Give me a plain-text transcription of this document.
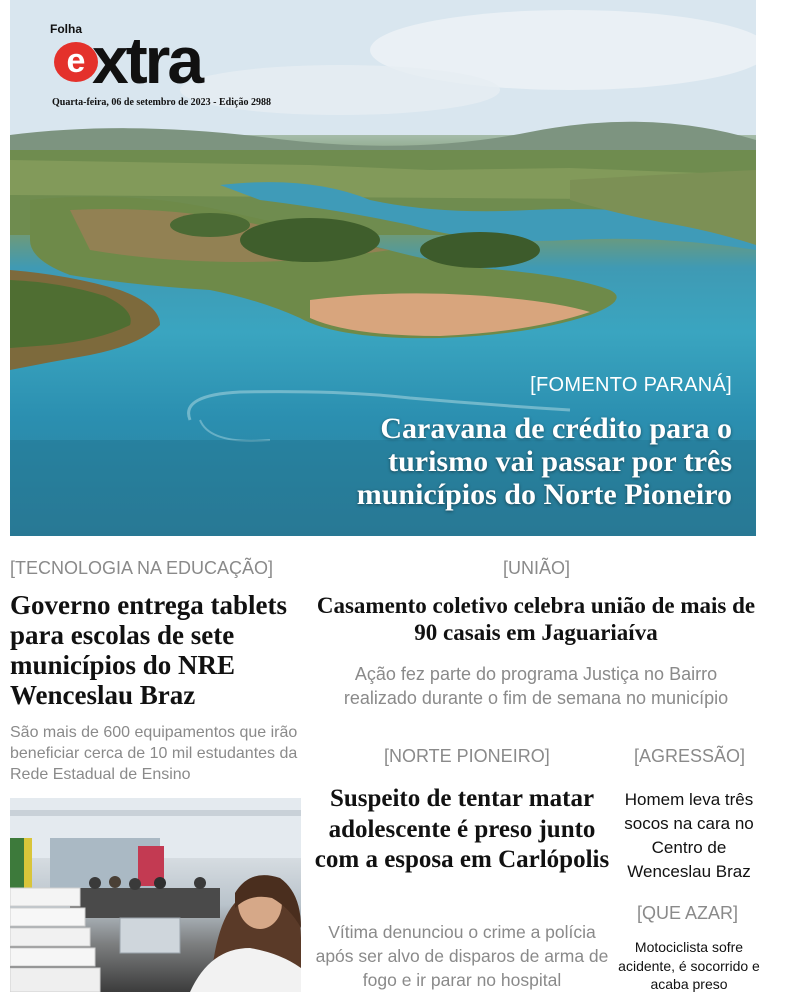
Folha
e xtra
Quarta-feira, 06 de setembro de 2023 - Edição 2988
[FOMENTO PARANÁ]
Caravana de crédito para o turismo vai passar por três municípios do Norte Pioneiro
[TECNOLOGIA NA EDUCAÇÃO]
Governo entrega tablets para escolas de sete municípios do NRE Wenceslau Braz
São mais de 600 equipamentos que irão beneficiar cerca de 10 mil estudantes da Rede Estadual de Ensino
[UNIÃO]
Casamento coletivo celebra união de mais de 90 casais em Jaguariaíva
Ação fez parte do programa Justiça no Bairro realizado durante o fim de semana no município
[NORTE PIONEIRO]
Suspeito de tentar matar adolescente é preso junto com a esposa em Carlópolis
Vítima denunciou o crime a polícia após ser alvo de disparos de arma de fogo e ir parar no hospital
[AGRESSÃO]
Homem leva três socos na cara no Centro de Wenceslau Braz
[QUE AZAR]
Motociclista sofre acidente, é socorrido e acaba preso
